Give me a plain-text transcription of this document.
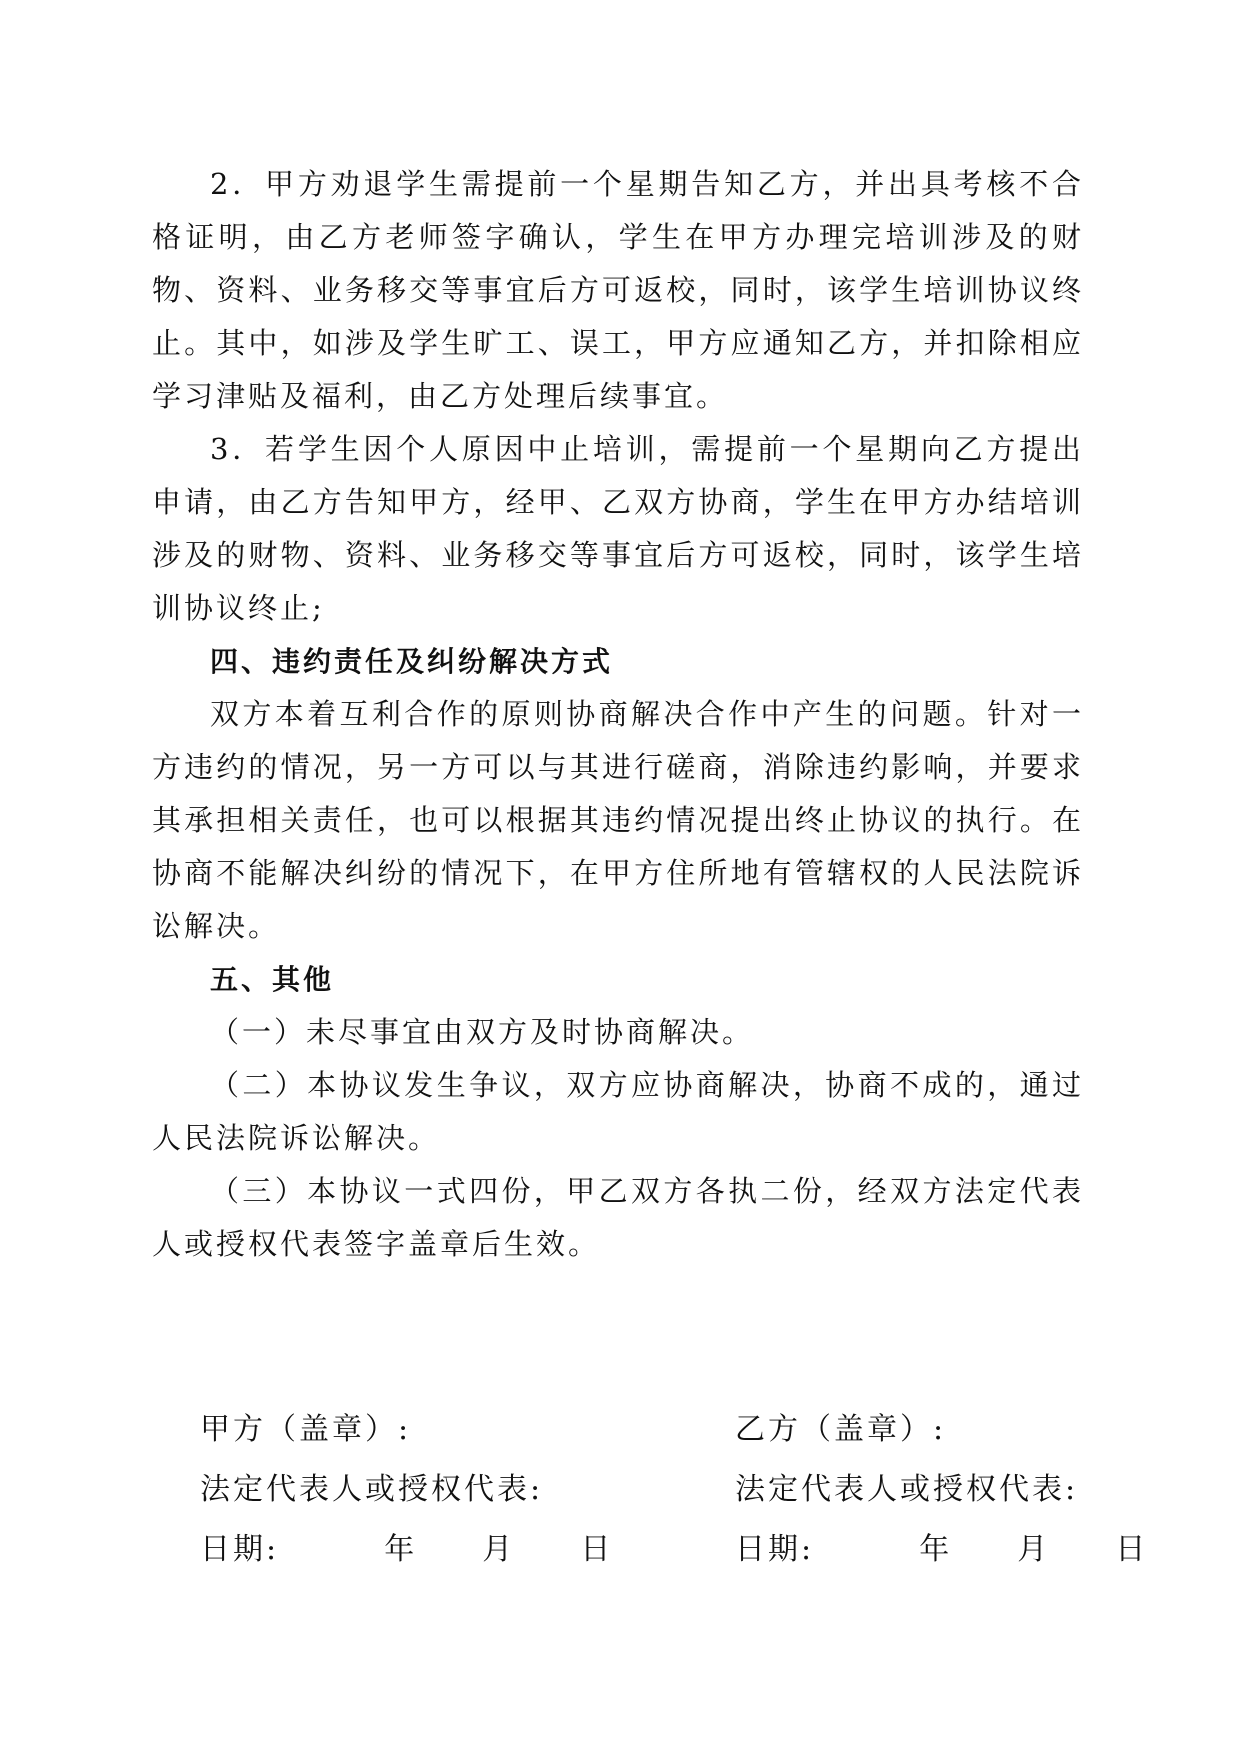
2．甲方劝退学生需提前一个星期告知乙方，并出具考核不合格证明，由乙方老师签字确认，学生在甲方办理完培训涉及的财物、资料、业务移交等事宜后方可返校，同时，该学生培训协议终止。其中，如涉及学生旷工、误工，甲方应通知乙方，并扣除相应学习津贴及福利，由乙方处理后续事宜。

3．若学生因个人原因中止培训，需提前一个星期向乙方提出申请，由乙方告知甲方，经甲、乙双方协商，学生在甲方办结培训涉及的财物、资料、业务移交等事宜后方可返校，同时，该学生培训协议终止;

四、违约责任及纠纷解决方式

双方本着互利合作的原则协商解决合作中产生的问题。针对一方违约的情况，另一方可以与其进行磋商，消除违约影响，并要求其承担相关责任，也可以根据其违约情况提出终止协议的执行。在协商不能解决纠纷的情况下，在甲方住所地有管辖权的人民法院诉讼解决。

五、其他

（一）未尽事宜由双方及时协商解决。

（二）本协议发生争议，双方应协商解决，协商不成的，通过人民法院诉讼解决。

（三）本协议一式四份，甲乙双方各执二份，经双方法定代表人或授权代表签字盖章后生效。

甲方（盖章）:
法定代表人或授权代表:
日期:	年 月 日
乙方（盖章）:
法定代表人或授权代表:
日期:	年 月 日
